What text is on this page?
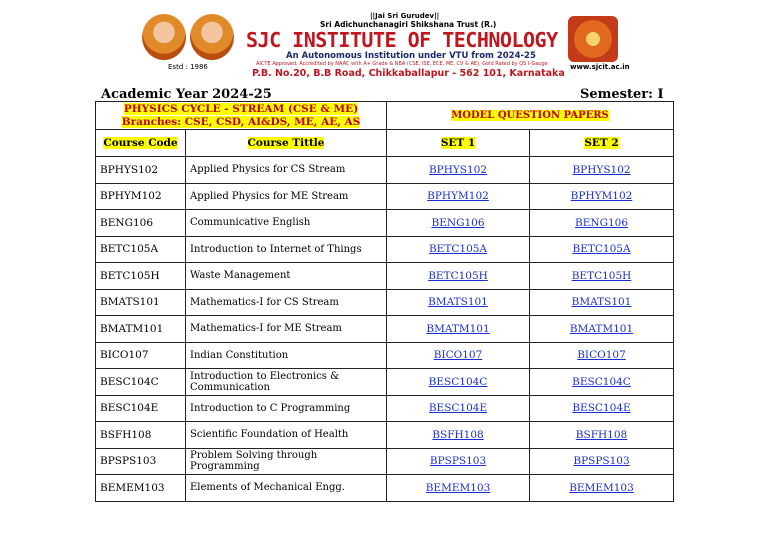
Estd : 1986
||Jai Sri Gurudev||
Sri Adichunchanagiri Shikshana Trust (R.)
SJC INSTITUTE OF TECHNOLOGY
An Autonomous Institution under VTU from 2024-25
AICTE Approved, Accredited by NAAC with A+ Grade & NBA (CSE, ISE, ECE, ME, CV & AE), Gold Rated by QS I-Gauge
P.B. No.20, B.B Road, Chikkaballapur - 562 101, Karnataka
www.sjcit.ac.in
Academic Year 2024-25	Semester: I
PHYSICS CYCLE - STREAM (CSE & ME)
Branches: CSE, CSD, AI&DS, ME, AE, AS		MODEL QUESTION PAPERS	
Course Code	Course Tittle	SET 1	SET 2
BPHYS102	Applied Physics for CS Stream	BPHYS102	BPHYS102
BPHYM102	Applied Physics for ME Stream	BPHYM102	BPHYM102
BENG106	Communicative English	BENG106	BENG106
BETC105A	Introduction to Internet of Things	BETC105A	BETC105A
BETC105H	Waste Management	BETC105H	BETC105H
BMATS101	Mathematics-I for CS Stream	BMATS101	BMATS101
BMATM101	Mathematics-I for ME Stream	BMATM101	BMATM101
BICO107	Indian Constitution	BICO107	BICO107
BESC104C	Introduction to Electronics & Communication	BESC104C	BESC104C
BESC104E	Introduction to C Programming	BESC104E	BESC104E
BSFH108	Scientific Foundation of Health	BSFH108	BSFH108
BPSPS103	Problem Solving through Programming	BPSPS103	BPSPS103
BEMEM103	Elements of Mechanical Engg.	BEMEM103	BEMEM103
